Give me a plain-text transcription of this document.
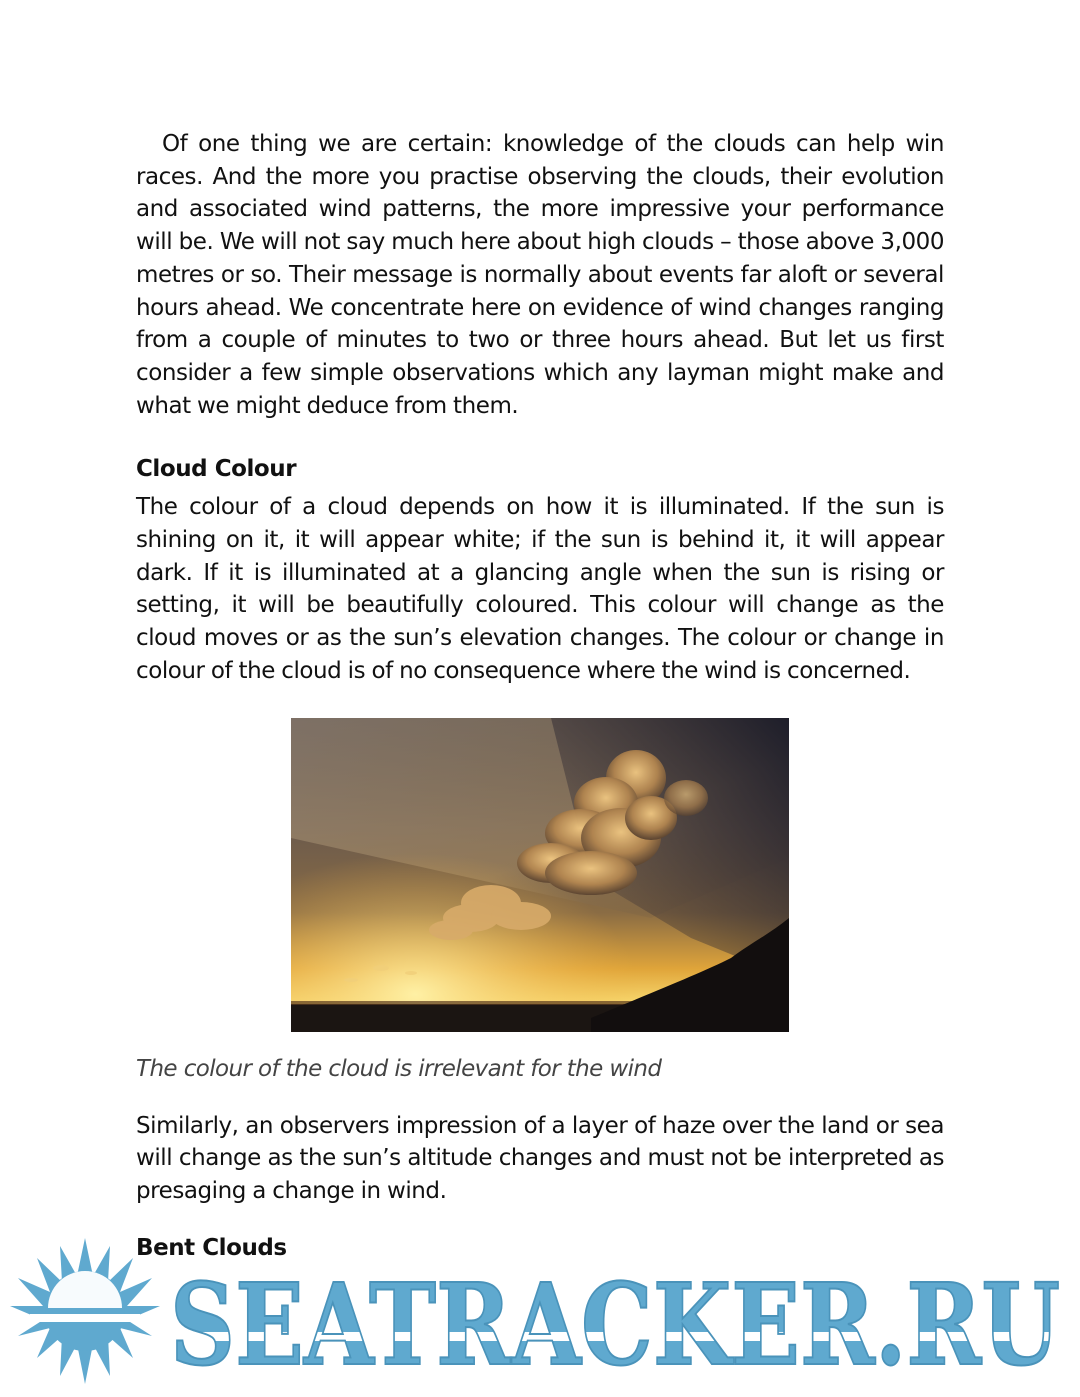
Of one thing we are certain: knowledge of the clouds can help win races. And the more you practise observing the clouds, their evolution and associated wind patterns, the more impressive your performance will be. We will not say much here about high clouds – those above 3,000 metres or so. Their message is normally about events far aloft or several hours ahead. We concentrate here on evidence of wind changes ranging from a couple of minutes to two or three hours ahead. But let us first consider a few simple observations which any layman might make and what we might deduce from them.

Cloud Colour

The colour of a cloud depends on how it is illuminated. If the sun is shining on it, it will appear white; if the sun is behind it, it will appear dark. If it is illuminated at a glancing angle when the sun is rising or setting, it will be beautifully coloured. This colour will change as the cloud moves or as the sun’s elevation changes. The colour or change in colour of the cloud is of no consequence where the wind is concerned.

The colour of the cloud is irrelevant for the wind

Similarly, an observers impression of a layer of haze over the land or sea will change as the sun’s altitude changes and must not be interpreted as presaging a change in wind.

Bent Clouds
SEATRACKER.RU
